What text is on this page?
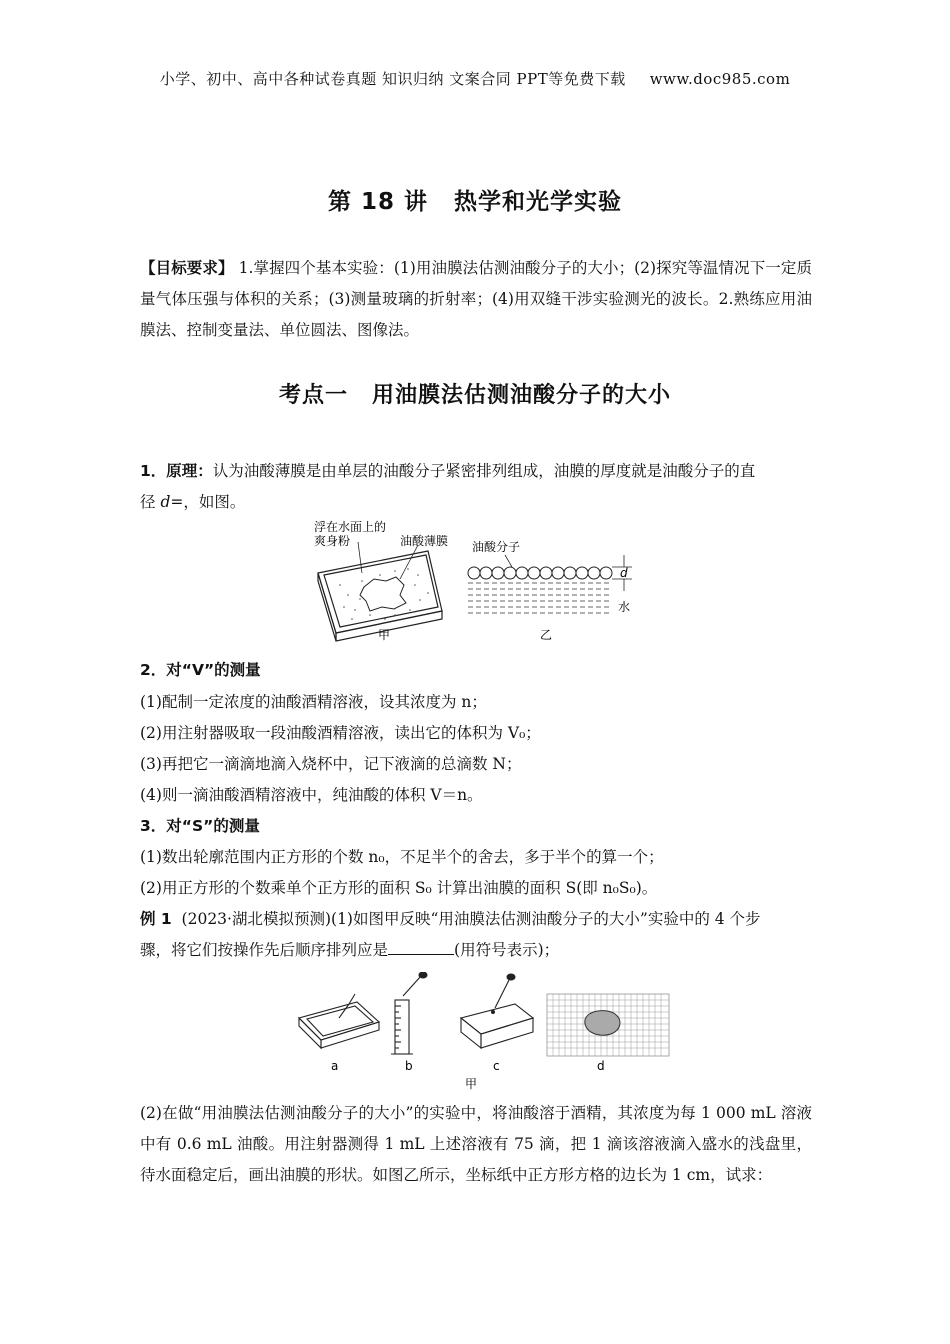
小学、初中、高中各种试卷真题 知识归纳 文案合同 PPT等免费下载 www.doc985.com
第 18 讲 热学和光学实验
【目标要求】 1.掌握四个基本实验：(1)用油膜法估测油酸分子的大小；(2)探究等温情况下一定质量气体压强与体积的关系；(3)测量玻璃的折射率；(4)用双缝干涉实验测光的波长。2.熟练应用油膜法、控制变量法、单位圆法、图像法。
考点一 用油膜法估测油酸分子的大小
1．原理：认为油酸薄膜是由单层的油酸分子紧密排列组成，油膜的厚度就是油酸分子的直
径 d=，如图。
浮在水面上的
爽身粉	油酸薄膜
甲
油酸分子
d
水
乙
2．对“V”的测量
(1)配制一定浓度的油酸酒精溶液，设其浓度为 n；
(2)用注射器吸取一段油酸酒精溶液，读出它的体积为 V₀；
(3)再把它一滴滴地滴入烧杯中，记下液滴的总滴数 N；
(4)则一滴油酸酒精溶液中，纯油酸的体积 V＝n。
3．对“S”的测量
(1)数出轮廓范围内正方形的个数 n₀，不足半个的舍去，多于半个的算一个；
(2)用正方形的个数乘单个正方形的面积 S₀ 计算出油膜的面积 S(即 n₀S₀)。
例 1 (2023·湖北模拟预测)(1)如图甲反映“用油膜法估测油酸分子的大小”实验中的 4 个步
骤，将它们按操作先后顺序排列应是	(用符号表示)；
a	b	c	d
甲
(2)在做“用油膜法估测油酸分子的大小”的实验中，将油酸溶于酒精，其浓度为每 1 000 mL 溶液中有 0.6 mL 油酸。用注射器测得 1 mL 上述溶液有 75 滴，把 1 滴该溶液滴入盛水的浅盘里，待水面稳定后，画出油膜的形状。如图乙所示，坐标纸中正方形方格的边长为 1 cm，试求：
